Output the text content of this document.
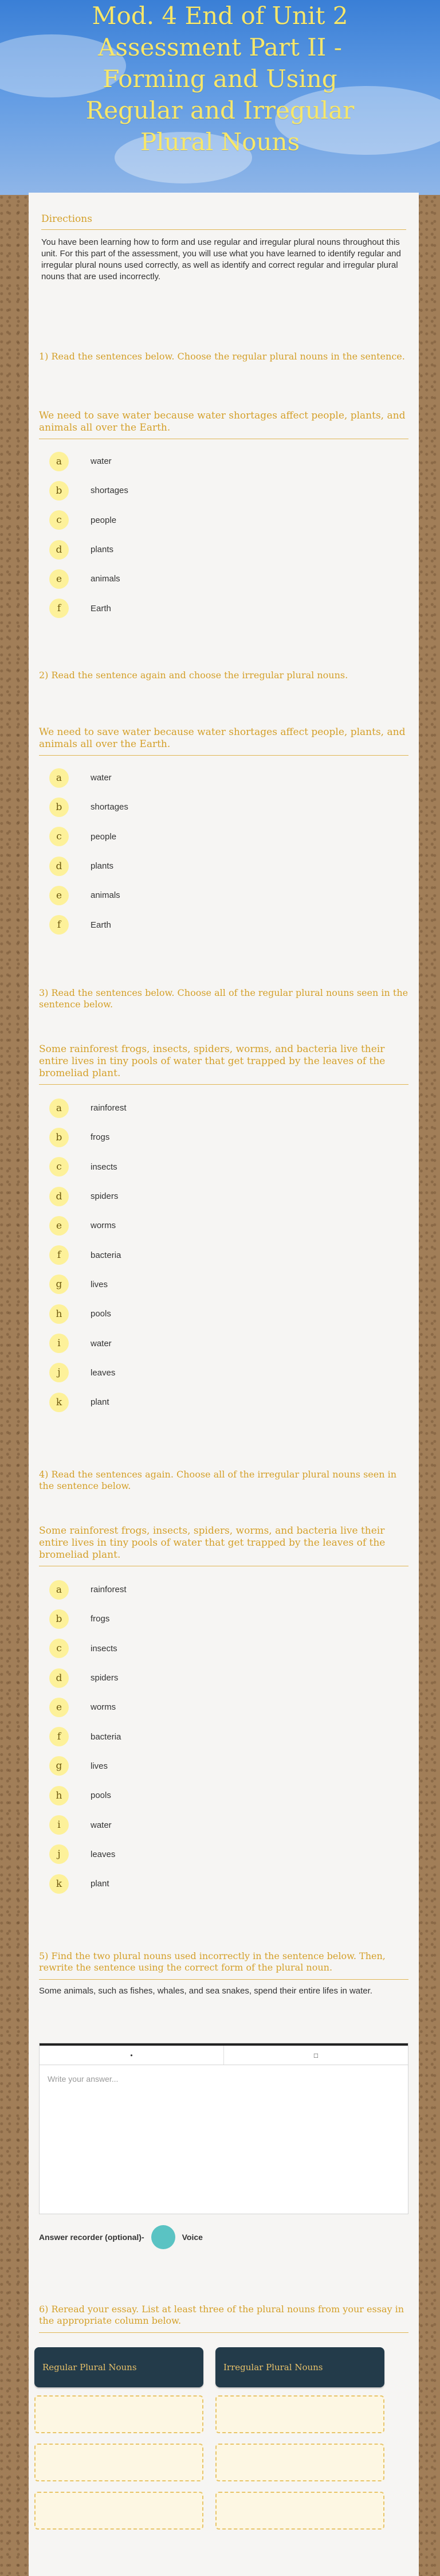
Mod. 4 End of Unit 2
Assessment Part II -
Forming and Using
Regular and Irregular
Plural Nouns
Directions
You have been learning how to form and use regular and irregular plural nouns throughout this unit. For this part of the assessment, you will use what you have learned to identify regular and irregular plural nouns used correctly, as well as identify and correct regular and irregular plural nouns that are used incorrectly.
1) Read the sentences below. Choose the regular plural nouns in the sentence.
We need to save water because water shortages affect people, plants, and animals all over the Earth.
a	water
b	shortages
c	people
d	plants
e	animals
f	Earth
2) Read the sentence again and choose the irregular plural nouns.
We need to save water because water shortages affect people, plants, and animals all over the Earth.
a	water
b	shortages
c	people
d	plants
e	animals
f	Earth
3) Read the sentences below. Choose all of the regular plural nouns seen in the sentence below.
Some rainforest frogs, insects, spiders, worms, and bacteria live their entire lives in tiny pools of water that get trapped by the leaves of the bromeliad plant.
a	rainforest
b	frogs
c	insects
d	spiders
e	worms
f	bacteria
g	lives
h	pools
i	water
j	leaves
k	plant
4) Read the sentences again. Choose all of the irregular plural nouns seen in the sentence below.
Some rainforest frogs, insects, spiders, worms, and bacteria live their entire lives in tiny pools of water that get trapped by the leaves of the bromeliad plant.
a	rainforest
b	frogs
c	insects
d	spiders
e	worms
f	bacteria
g	lives
h	pools
i	water
j	leaves
k	plant
5) Find the two plural nouns used incorrectly in the sentence below. Then, rewrite the sentence using the correct form of the plural noun.
Some animals, such as fishes, whales, and sea snakes, spend their entire lifes in water.
•	□
Write your answer...
Answer recorder
(optional) -	Voice
6) Reread your essay. List at least three of the plural nouns from your essay in the appropriate column below.
Regular Plural Nouns	Irregular Plural Nouns
